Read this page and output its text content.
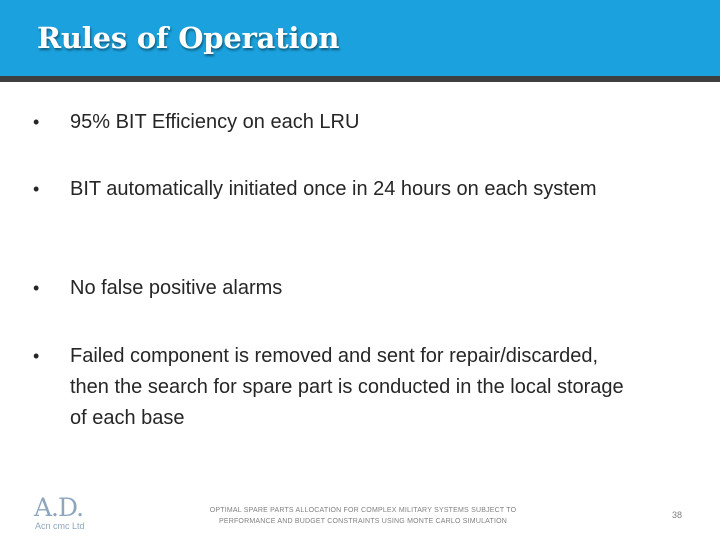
Rules of Operation
•	95% BIT Efficiency on each LRU
•	BIT automatically initiated once in 24 hours on each system
•	No false positive alarms
•	Failed component is removed and sent for repair/discarded, then the search for spare part is conducted in the local storage of each base
A.D.
Acn cmc Ltd
OPTIMAL SPARE PARTS ALLOCATION FOR COMPLEX MILITARY SYSTEMS SUBJECT TO
PERFORMANCE AND BUDGET CONSTRAINTS USING MONTE CARLO SIMULATION
38
